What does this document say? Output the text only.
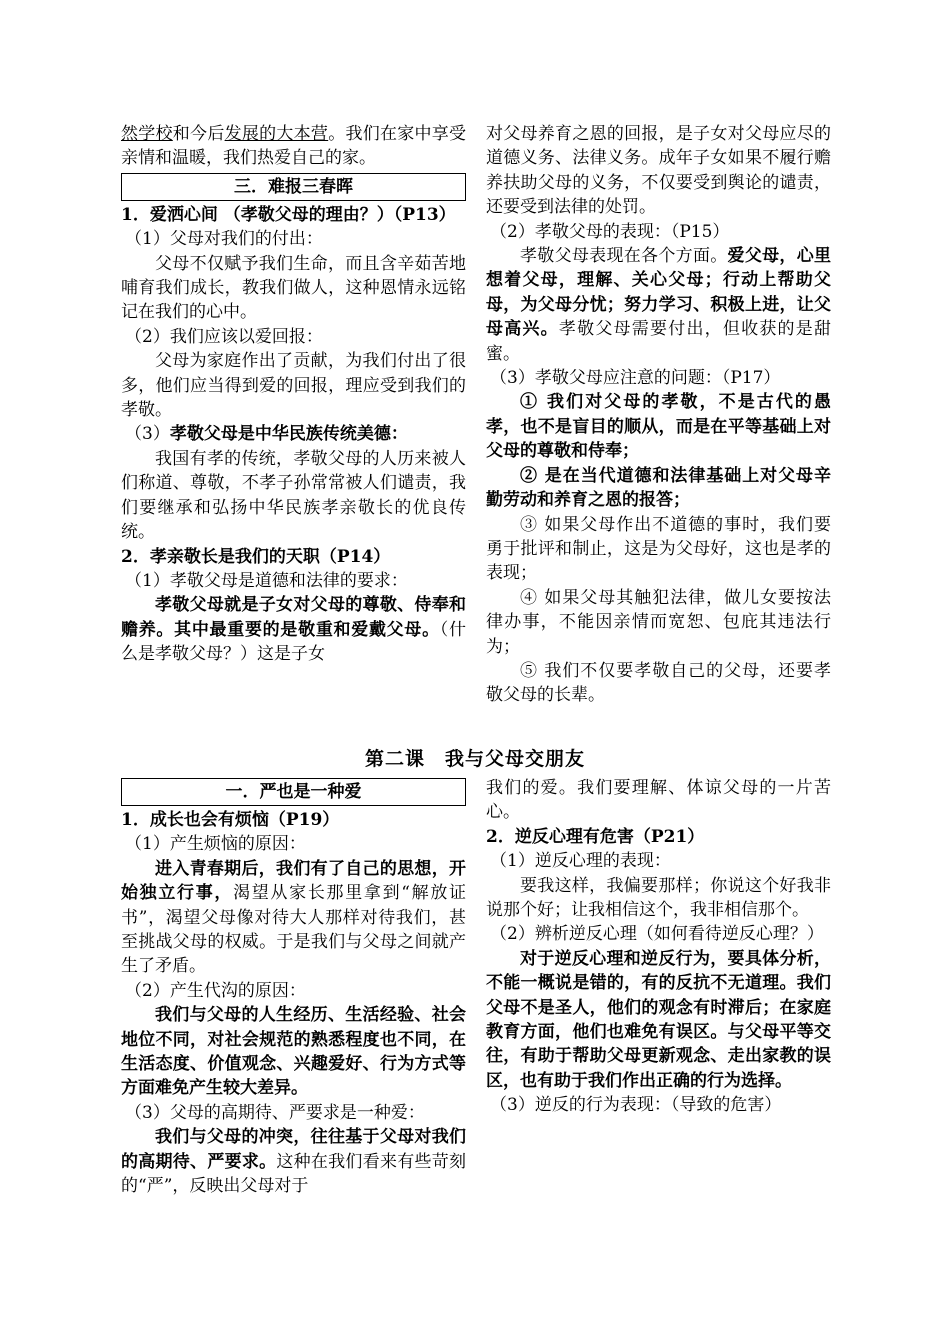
然学校和今后发展的大本营。我们在家中享受亲情和温暖，我们热爱自己的家。

三．难报三春晖

1．爱洒心间 （孝敬父母的理由？）（P13）

（1）父母对我们的付出：

父母不仅赋予我们生命，而且含辛茹苦地哺育我们成长，教我们做人，这种恩情永远铭记在我们的心中。

（2）我们应该以爱回报：

父母为家庭作出了贡献，为我们付出了很多，他们应当得到爱的回报，理应受到我们的孝敬。

（3）孝敬父母是中华民族传统美德：

我国有孝的传统，孝敬父母的人历来被人们称道、尊敬，不孝子孙常常被人们谴责，我们要继承和弘扬中华民族孝亲敬长的优良传统。

2．孝亲敬长是我们的天职（P14）

（1）孝敬父母是道德和法律的要求：

孝敬父母就是子女对父母的尊敬、侍奉和赡养。其中最重要的是敬重和爱戴父母。（什么是孝敬父母？）这是子女

对父母养育之恩的回报，是子女对父母应尽的道德义务、法律义务。成年子女如果不履行赡养扶助父母的义务，不仅要受到舆论的谴责，还要受到法律的处罚。

（2）孝敬父母的表现：（P15）

孝敬父母表现在各个方面。爱父母，心里想着父母，理解、关心父母；行动上帮助父母，为父母分忧；努力学习、积极上进，让父母高兴。孝敬父母需要付出，但收获的是甜蜜。

（3）孝敬父母应注意的问题：（P17）

① 我们对父母的孝敬，不是古代的愚孝，也不是盲目的顺从，而是在平等基础上对父母的尊敬和侍奉；

② 是在当代道德和法律基础上对父母辛勤劳动和养育之恩的报答；

③ 如果父母作出不道德的事时，我们要勇于批评和制止，这是为父母好，这也是孝的表现；

④ 如果父母其触犯法律，做儿女要按法律办事，不能因亲情而宽恕、包庇其违法行为；

⑤ 我们不仅要孝敬自己的父母，还要孝敬父母的长辈。

第二课　我与父母交朋友
一．严也是一种爱

1．成长也会有烦恼（P19）

（1）产生烦恼的原因：

进入青春期后，我们有了自己的思想，开始独立行事，渴望从家长那里拿到“解放证书”，渴望父母像对待大人那样对待我们，甚至挑战父母的权威。于是我们与父母之间就产生了矛盾。

（2）产生代沟的原因：

我们与父母的人生经历、生活经验、社会地位不同，对社会规范的熟悉程度也不同，在生活态度、价值观念、兴趣爱好、行为方式等方面难免产生较大差异。

（3）父母的高期待、严要求是一种爱：

我们与父母的冲突，往往基于父母对我们的高期待、严要求。这种在我们看来有些苛刻的“严”，反映出父母对于

我们的爱。我们要理解、体谅父母的一片苦心。

2．逆反心理有危害（P21）

（1）逆反心理的表现：

要我这样，我偏要那样；你说这个好我非说那个好；让我相信这个，我非相信那个。

（2）辨析逆反心理（如何看待逆反心理？）

对于逆反心理和逆反行为，要具体分析，不能一概说是错的，有的反抗不无道理。我们父母不是圣人，他们的观念有时滞后；在家庭教育方面，他们也难免有误区。与父母平等交往，有助于帮助父母更新观念、走出家教的误区，也有助于我们作出正确的行为选择。

（3）逆反的行为表现：（导致的危害）
